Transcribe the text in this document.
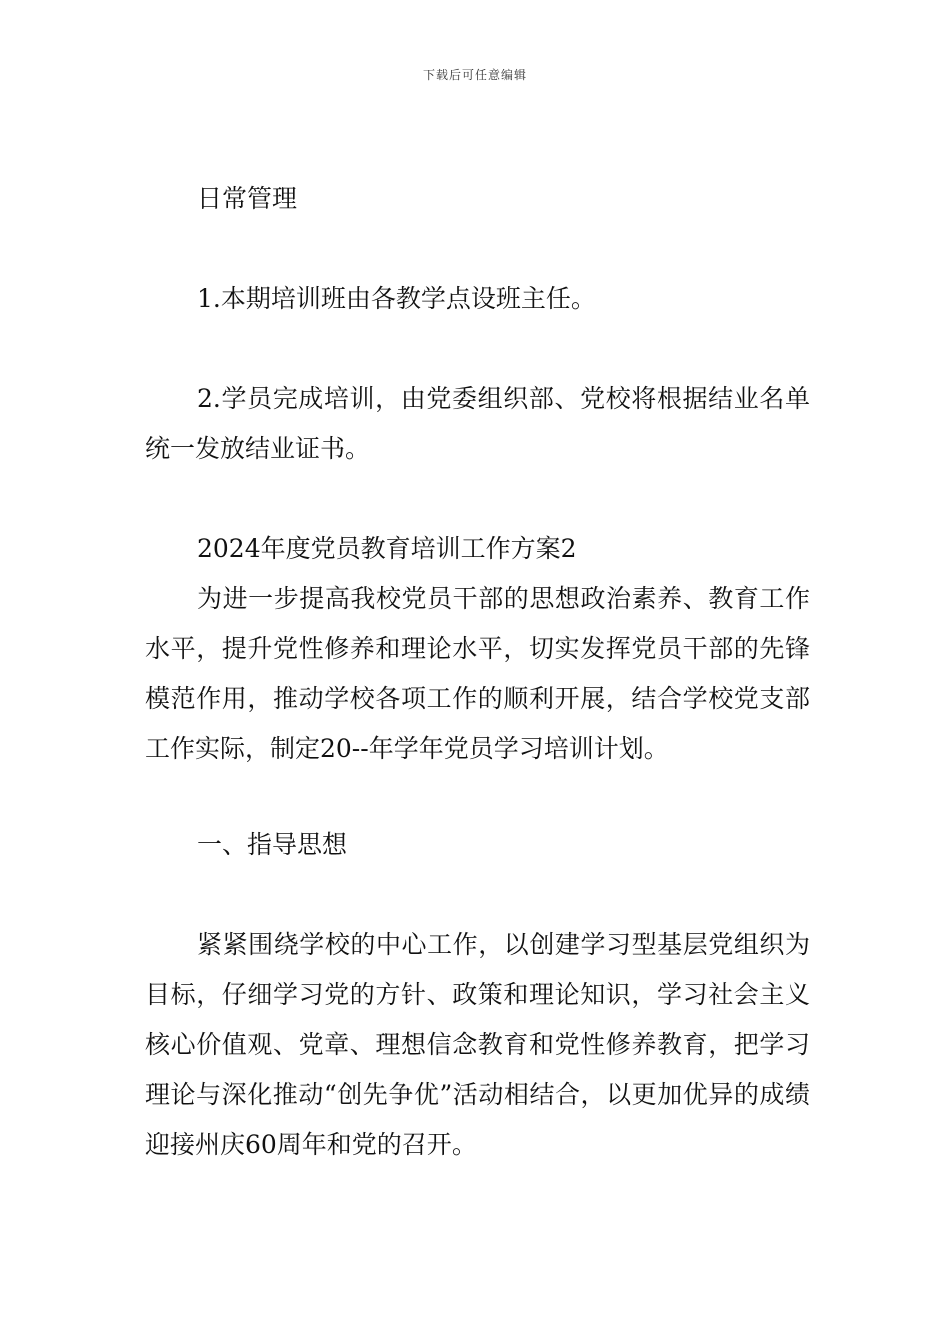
下载后可任意编辑

日常管理

1.本期培训班由各教学点设班主任。

2.学员完成培训，由党委组织部、党校将根据结业名单统一发放结业证书。

2024年度党员教育培训工作方案2

为进一步提高我校党员干部的思想政治素养、教育工作水平，提升党性修养和理论水平，切实发挥党员干部的先锋模范作用，推动学校各项工作的顺利开展，结合学校党支部工作实际，制定20--年学年党员学习培训计划。

一、指导思想

紧紧围绕学校的中心工作，以创建学习型基层党组织为目标，仔细学习党的方针、政策和理论知识，学习社会主义核心价值观、党章、理想信念教育和党性修养教育，把学习理论与深化推动“创先争优”活动相结合，以更加优异的成绩迎接州庆60周年和党的召开。
